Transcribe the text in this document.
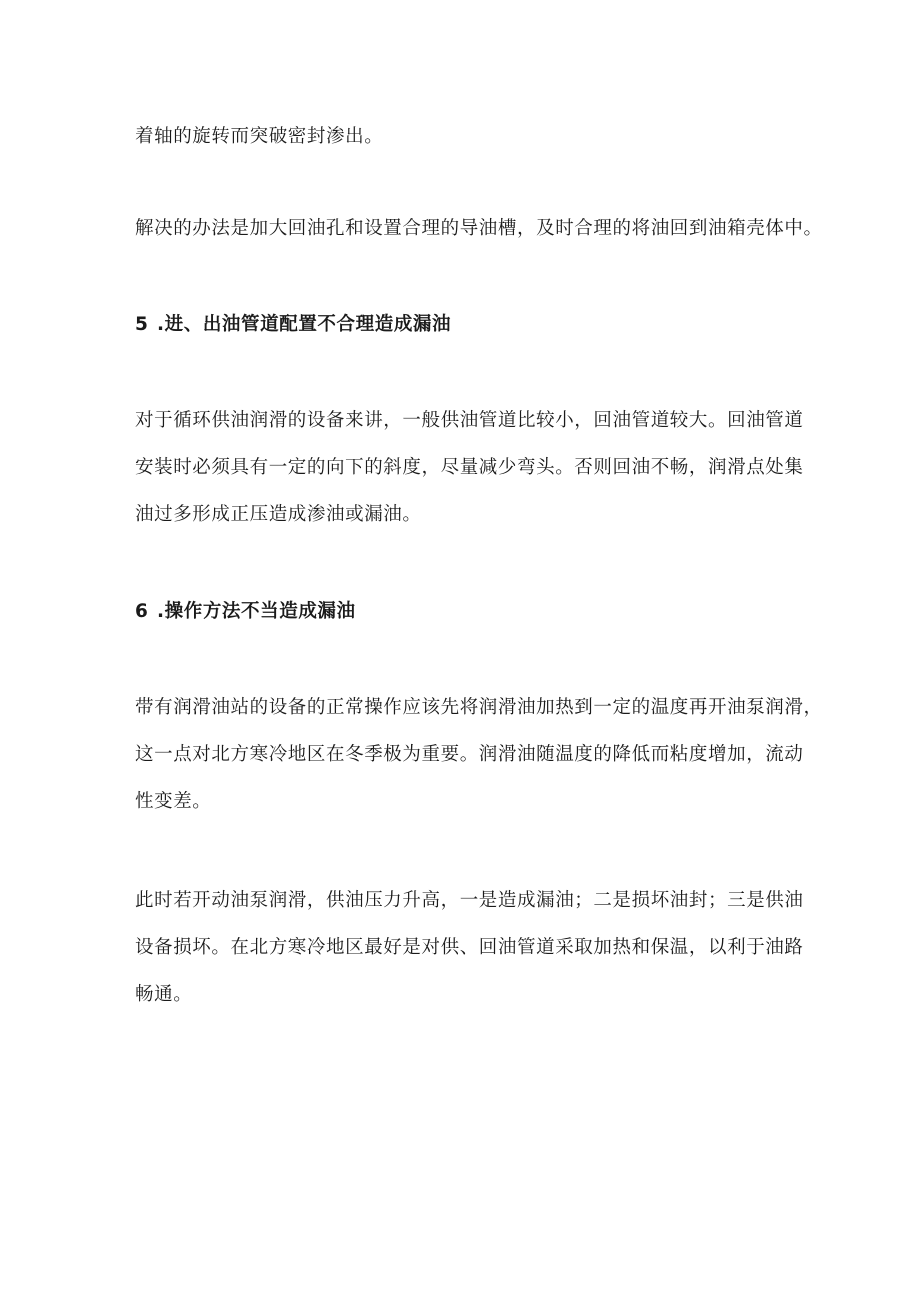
着轴的旋转而突破密封渗出。

解决的办法是加大回油孔和设置合理的导油槽，及时合理的将油回到油箱壳体中。

5 .进、出油管道配置不合理造成漏油

对于循环供油润滑的设备来讲，一般供油管道比较小，回油管道较大。回油管道
安装时必须具有一定的向下的斜度，尽量减少弯头。否则回油不畅，润滑点处集
油过多形成正压造成渗油或漏油。

6 .操作方法不当造成漏油

带有润滑油站的设备的正常操作应该先将润滑油加热到一定的温度再开油泵润滑，
这一点对北方寒冷地区在冬季极为重要。润滑油随温度的降低而粘度增加，流动
性变差。

此时若开动油泵润滑，供油压力升高，一是造成漏油；二是损坏油封；三是供油
设备损坏。在北方寒冷地区最好是对供、回油管道采取加热和保温，以利于油路
畅通。
